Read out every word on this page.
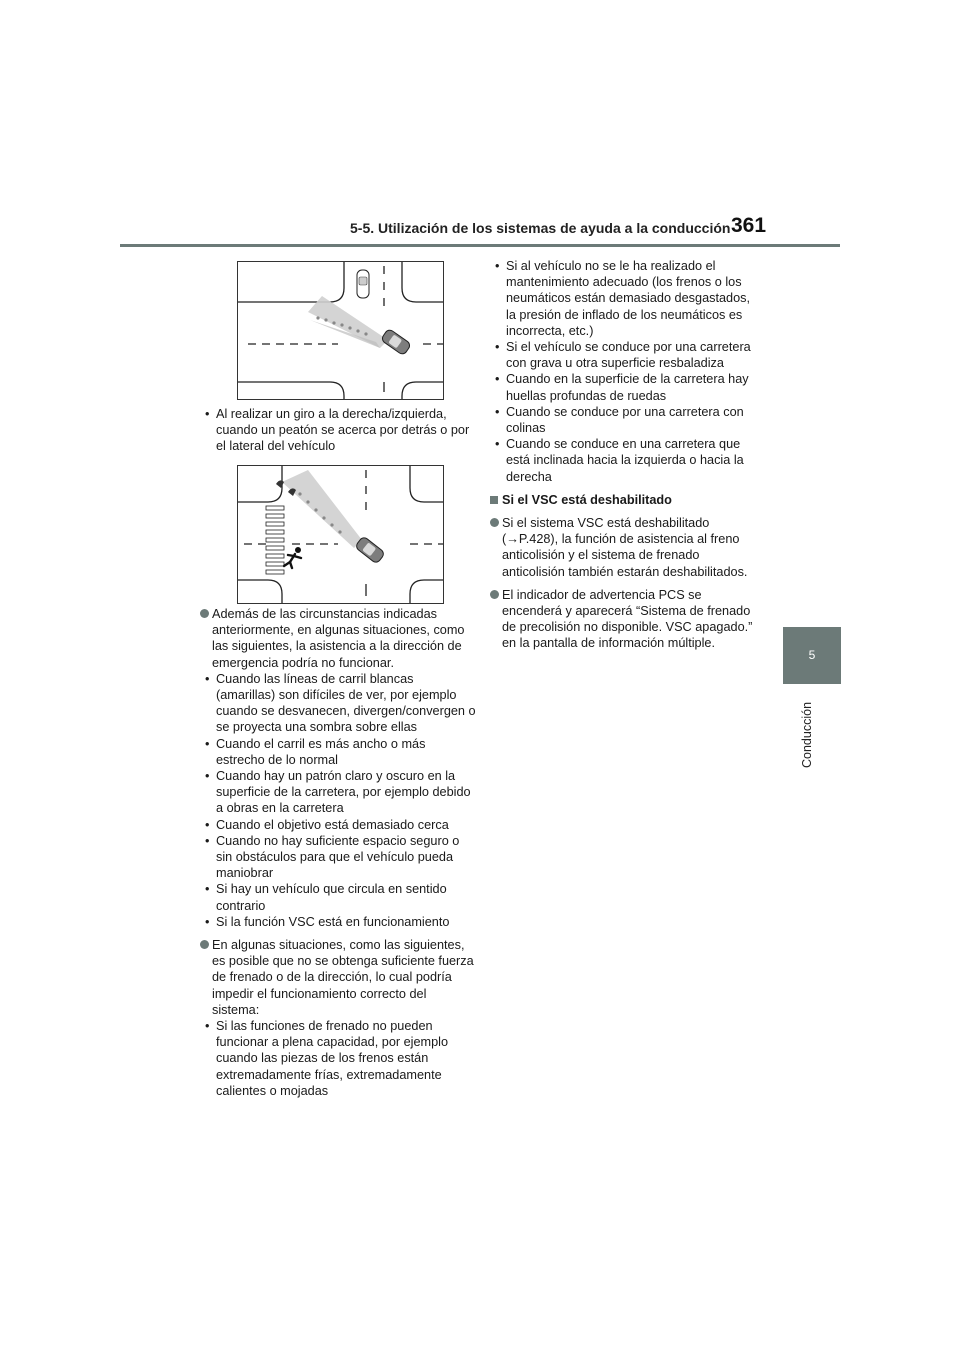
5-5. Utilización de los sistemas de ayuda a la conducción 361
5
Conducción

• Al realizar un giro a la derecha/izquierda, cuando un peatón se acerca por detrás o por el lateral del vehículo

Además de las circunstancias indicadas anteriormente, en algunas situaciones, como las siguientes, la asistencia a la dirección de emergencia podría no funcionar.

• Cuando las líneas de carril blancas (amarillas) son difíciles de ver, por ejemplo cuando se desvanecen, divergen/convergen o se proyecta una sombra sobre ellas

• Cuando el carril es más ancho o más estrecho de lo normal

• Cuando hay un patrón claro y oscuro en la superficie de la carretera, por ejemplo debido a obras en la carretera

• Cuando el objetivo está demasiado cerca

• Cuando no hay suficiente espacio seguro o sin obstáculos para que el vehículo pueda maniobrar

• Si hay un vehículo que circula en sentido contrario

• Si la función VSC está en funcionamiento

En algunas situaciones, como las siguientes, es posible que no se obtenga suficiente fuerza de frenado o de la dirección, lo cual podría impedir el funcionamiento correcto del sistema:

• Si las funciones de frenado no pueden funcionar a plena capacidad, por ejemplo cuando las piezas de los frenos están extremadamente frías, extremadamente calientes o mojadas

• Si al vehículo no se le ha realizado el mantenimiento adecuado (los frenos o los neumáticos están demasiado desgastados, la presión de inflado de los neumáticos es incorrecta, etc.)

• Si el vehículo se conduce por una carretera con grava u otra superficie resbaladiza

• Cuando en la superficie de la carretera hay huellas profundas de ruedas

• Cuando se conduce por una carretera con colinas

• Cuando se conduce en una carretera que está inclinada hacia la izquierda o hacia la derecha

Si el VSC está deshabilitado

Si el sistema VSC está deshabilitado (→P.428), la función de asistencia al freno anticolisión y el sistema de frenado anticolisión también estarán deshabilitados.

El indicador de advertencia PCS se encenderá y aparecerá “Sistema de frenado de precolisión no disponible. VSC apagado.” en la pantalla de información múltiple.
